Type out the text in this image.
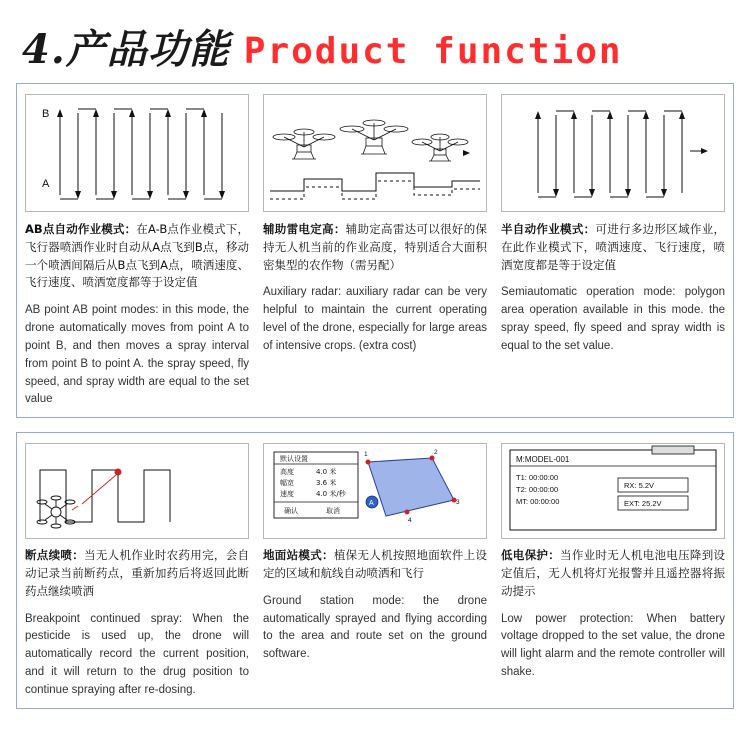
4.产品功能 Product function
B
A
AB点自动作业模式：在A-B点作业模式下，飞行器喷洒作业时自动从A点飞到B点，移动一个喷洒间隔后从B点飞到A点，喷洒速度、飞行速度、喷洒宽度都等于设定值
AB point AB point modes: in this mode, the drone automatically moves from point A to point B, and then moves a spray interval from point B to point A. the spray speed, fly speed, and spray width are equal to the set value
辅助雷电定高：辅助定高雷达可以很好的保持无人机当前的作业高度，特别适合大面积密集型的农作物（需另配）
Auxiliary radar: auxiliary radar can be very helpful to maintain the current operating level of the drone, especially for large areas of intensive crops. (extra cost)
半自动作业模式：可进行多边形区域作业，在此作业模式下，喷洒速度、飞行速度，喷洒宽度都是等于设定值
Semiautomatic operation mode: polygon area operation available in this mode. the spray speed, fly speed and spray width is equal to the set value.
断点续喷：当无人机作业时农药用完，会自动记录当前断药点，重新加药后将返回此断药点继续喷洒
Breakpoint continued spray: When the pesticide is used up, the drone will automatically record the current position, and it will return to the drug position to continue spraying after re-dosing.
默认设置
高度	4.0 米
幅宽	3.6 米
速度	4.0 米/秒
确认	取消
A
1	2
3
4
地面站模式：植保无人机按照地面软件上设定的区域和航线自动喷洒和飞行
Ground station mode: the drone automatically sprayed and flying according to the area and route set on the ground software.
M:MODEL-001
T1: 00:00:00
T2: 00:00:00
MT: 00:00:00
RX: 5.2V
EXT: 25.2V
低电保护：当作业时无人机电池电压降到设定值后，无人机将灯光报警并且遥控器将振动提示
Low power protection: When battery voltage dropped to the set value, the drone will light alarm and the remote controller will shake.
